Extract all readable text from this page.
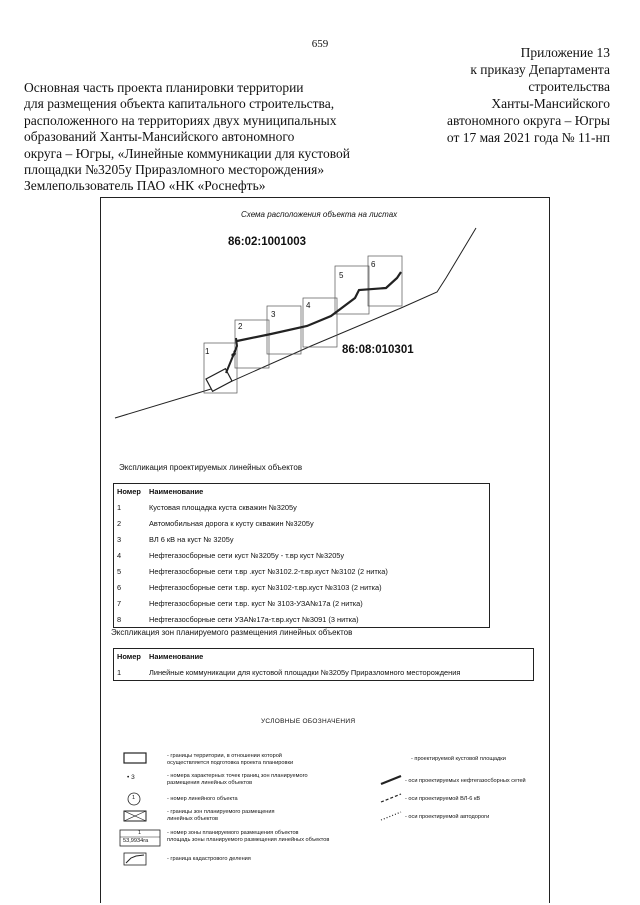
659
Приложение 13
к приказу Департамента
строительства
Ханты-Мансийского
автономного округа – Югры
от 17 мая 2021 года № 11-нп
Основная часть проекта планировки территории
для размещения объекта капитального строительства,
расположенного на территориях двух муниципальных
образований Ханты-Мансийского автономного
округа – Югры, «Линейные коммуникации для кустовой
площадки №3205у Приразломного месторождения»
Землепользователь ПАО «НК «Роснефть»
Схема расположения объекта на листах
86:02:1001003
86:08:010301
1
2
3
4
5
6
3
Экспликация проектируемых линейных объектов
Номер	Наименование
1	Кустовая площадка куста скважин №3205у
2	Автомобильная дорога к кусту скважин №3205у
3	ВЛ 6 кВ на куст № 3205у
4	Нефтегазосборные сети куст №3205у - т.вр куст №3205у
5	Нефтегазосборные сети т.вр .куст №3102.2-т.вр.куст №3102 (2 нитка)
6	Нефтегазосборные сети т.вр. куст №3102-т.вр.куст №3103 (2 нитка)
7	Нефтегазосборные сети т.вр. куст № 3103-УЗА№17а (2 нитка)
8	Нефтегазосборные сети УЗА№17а-т.вр.куст №3091 (3 нитка)
Экспликация зон планируемого размещения линейных объектов
Номер	Наименование
1	Линейные коммуникации для кустовой площадки №3205у Приразломного месторождения
УСЛОВНЫЕ ОБОЗНАЧЕНИЯ
- границы территории, в отношении которой
осуществляется подготовка проекта планировки
• 3	- номера характерных точек границ зон планируемого
размещения линейных объектов
1	- номер линейного объекта
- границы зон планируемого размещения
линейных объектов
1
53,9934га
- номер зоны планируемого размещения объектов
площадь зоны планируемого размещения линейных объектов
- граница кадастрового деления
- проектируемой кустовой площадки
- оси проектируемых нефтегазосборных сетей
- оси проектируемой ВЛ-6 кВ
- оси проектируемой автодороги
